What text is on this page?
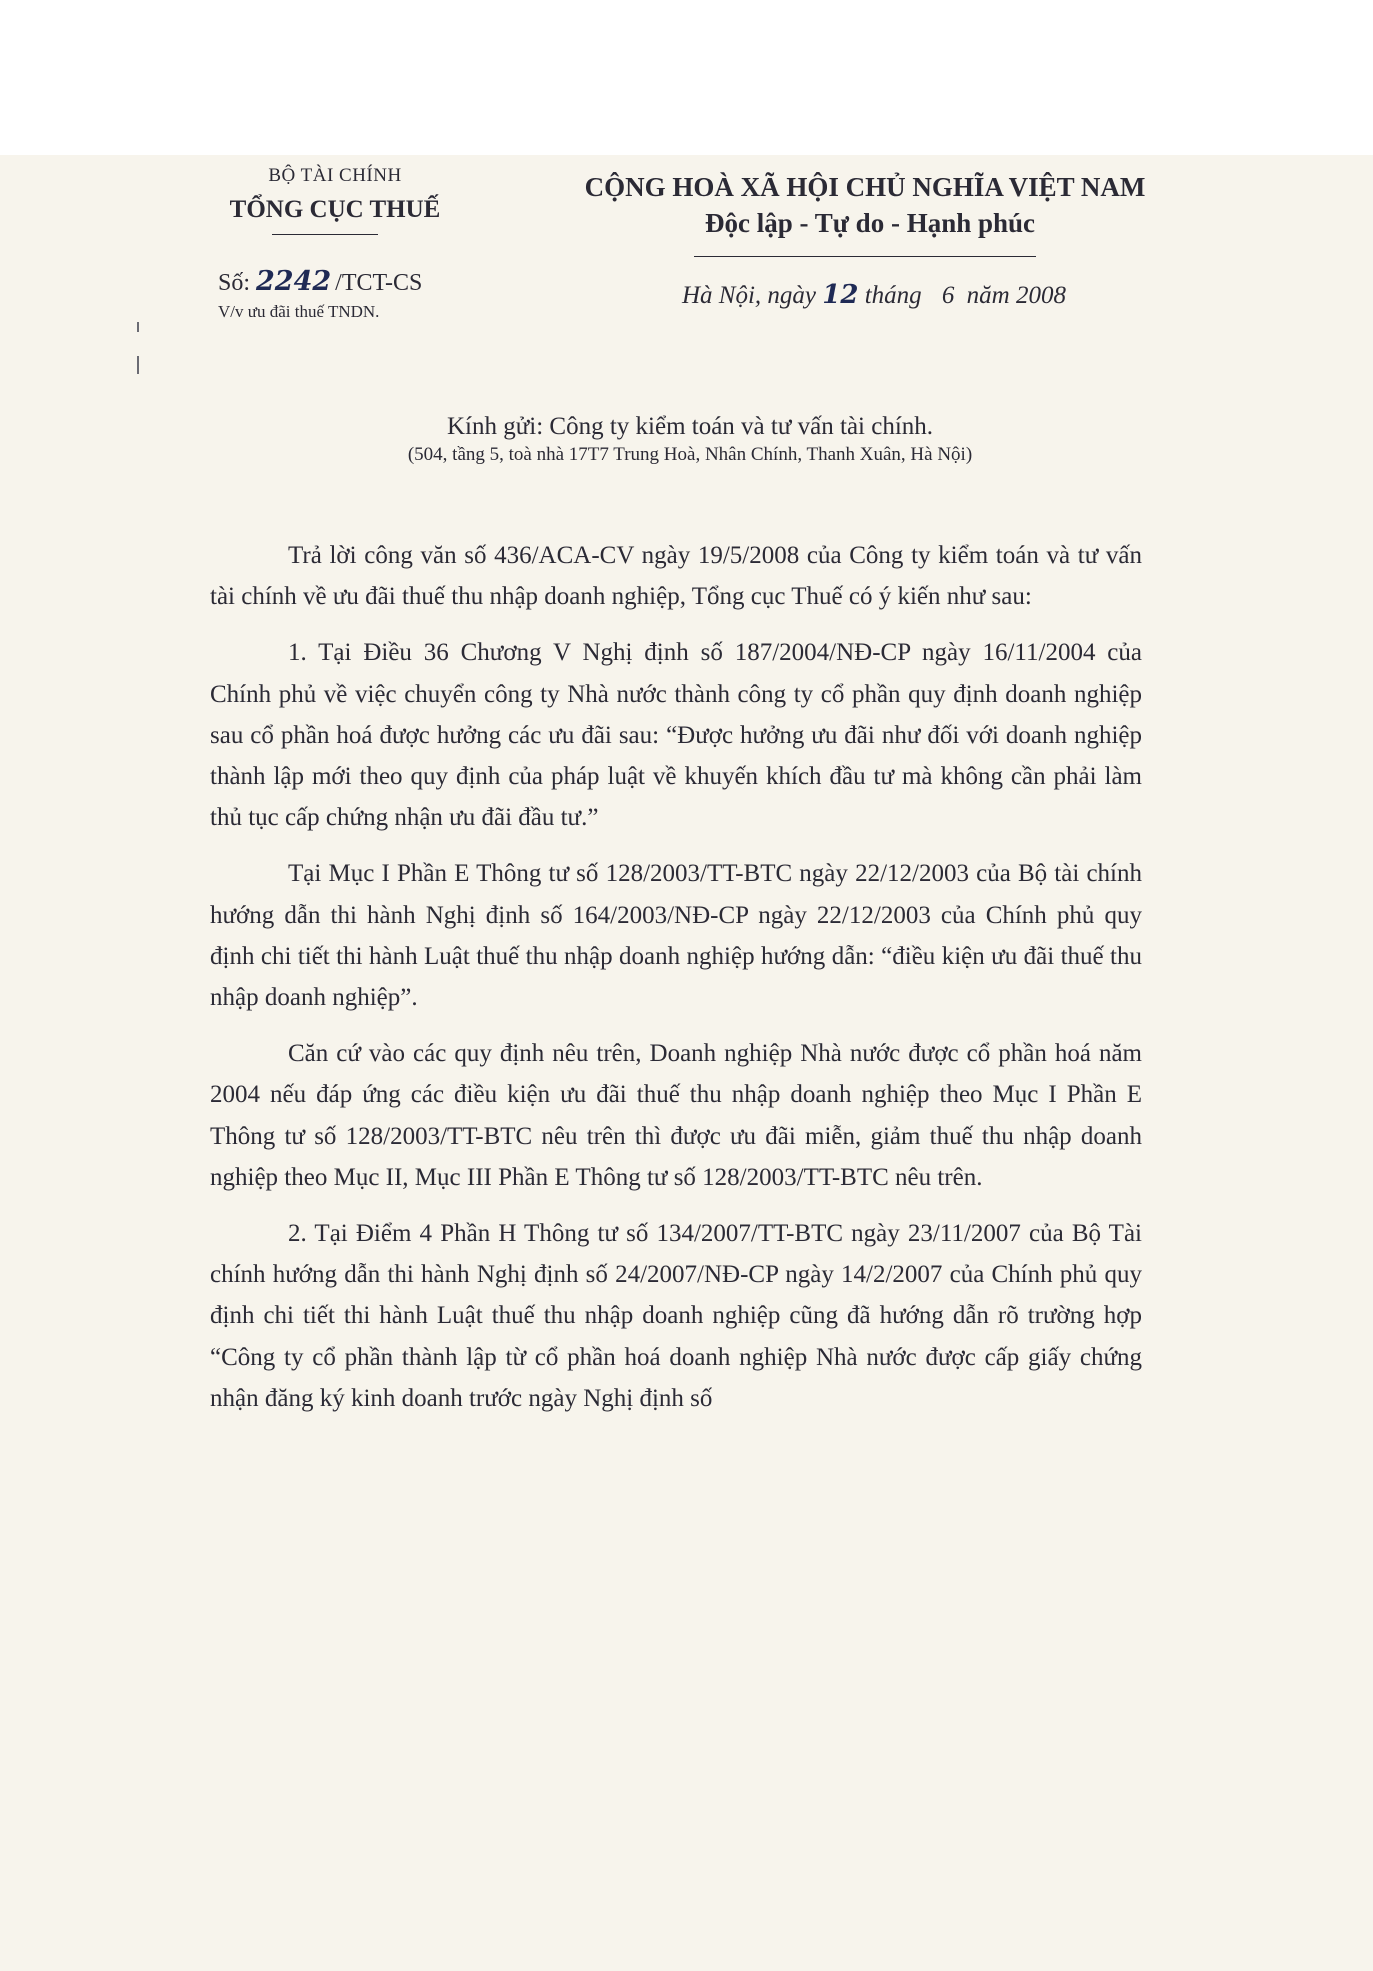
BỘ TÀI CHÍNH
TỔNG CỤC THUẾ
CỘNG HOÀ XÃ HỘI CHỦ NGHĨA VIỆT NAM
Độc lập - Tự do - Hạnh phúc
Số: 2242 /TCT-CS
V/v ưu đãi thuế TNDN.
Hà Nội, ngày 12 tháng 6 năm 2008
Kính gửi: Công ty kiểm toán và tư vấn tài chính.
(504, tầng 5, toà nhà 17T7 Trung Hoà, Nhân Chính, Thanh Xuân, Hà Nội)

Trả lời công văn số 436/ACA-CV ngày 19/5/2008 của Công ty kiểm toán và tư vấn tài chính về ưu đãi thuế thu nhập doanh nghiệp, Tổng cục Thuế có ý kiến như sau:

1. Tại Điều 36 Chương V Nghị định số 187/2004/NĐ-CP ngày 16/11/2004 của Chính phủ về việc chuyển công ty Nhà nước thành công ty cổ phần quy định doanh nghiệp sau cổ phần hoá được hưởng các ưu đãi sau: “Được hưởng ưu đãi như đối với doanh nghiệp thành lập mới theo quy định của pháp luật về khuyến khích đầu tư mà không cần phải làm thủ tục cấp chứng nhận ưu đãi đầu tư.”

Tại Mục I Phần E Thông tư số 128/2003/TT-BTC ngày 22/12/2003 của Bộ tài chính hướng dẫn thi hành Nghị định số 164/2003/NĐ-CP ngày 22/12/2003 của Chính phủ quy định chi tiết thi hành Luật thuế thu nhập doanh nghiệp hướng dẫn: “điều kiện ưu đãi thuế thu nhập doanh nghiệp”.

Căn cứ vào các quy định nêu trên, Doanh nghiệp Nhà nước được cổ phần hoá năm 2004 nếu đáp ứng các điều kiện ưu đãi thuế thu nhập doanh nghiệp theo Mục I Phần E Thông tư số 128/2003/TT-BTC nêu trên thì được ưu đãi miễn, giảm thuế thu nhập doanh nghiệp theo Mục II, Mục III Phần E Thông tư số 128/2003/TT-BTC nêu trên.

2. Tại Điểm 4 Phần H Thông tư số 134/2007/TT-BTC ngày 23/11/2007 của Bộ Tài chính hướng dẫn thi hành Nghị định số 24/2007/NĐ-CP ngày 14/2/2007 của Chính phủ quy định chi tiết thi hành Luật thuế thu nhập doanh nghiệp cũng đã hướng dẫn rõ trường hợp “Công ty cổ phần thành lập từ cổ phần hoá doanh nghiệp Nhà nước được cấp giấy chứng nhận đăng ký kinh doanh trước ngày Nghị định số
